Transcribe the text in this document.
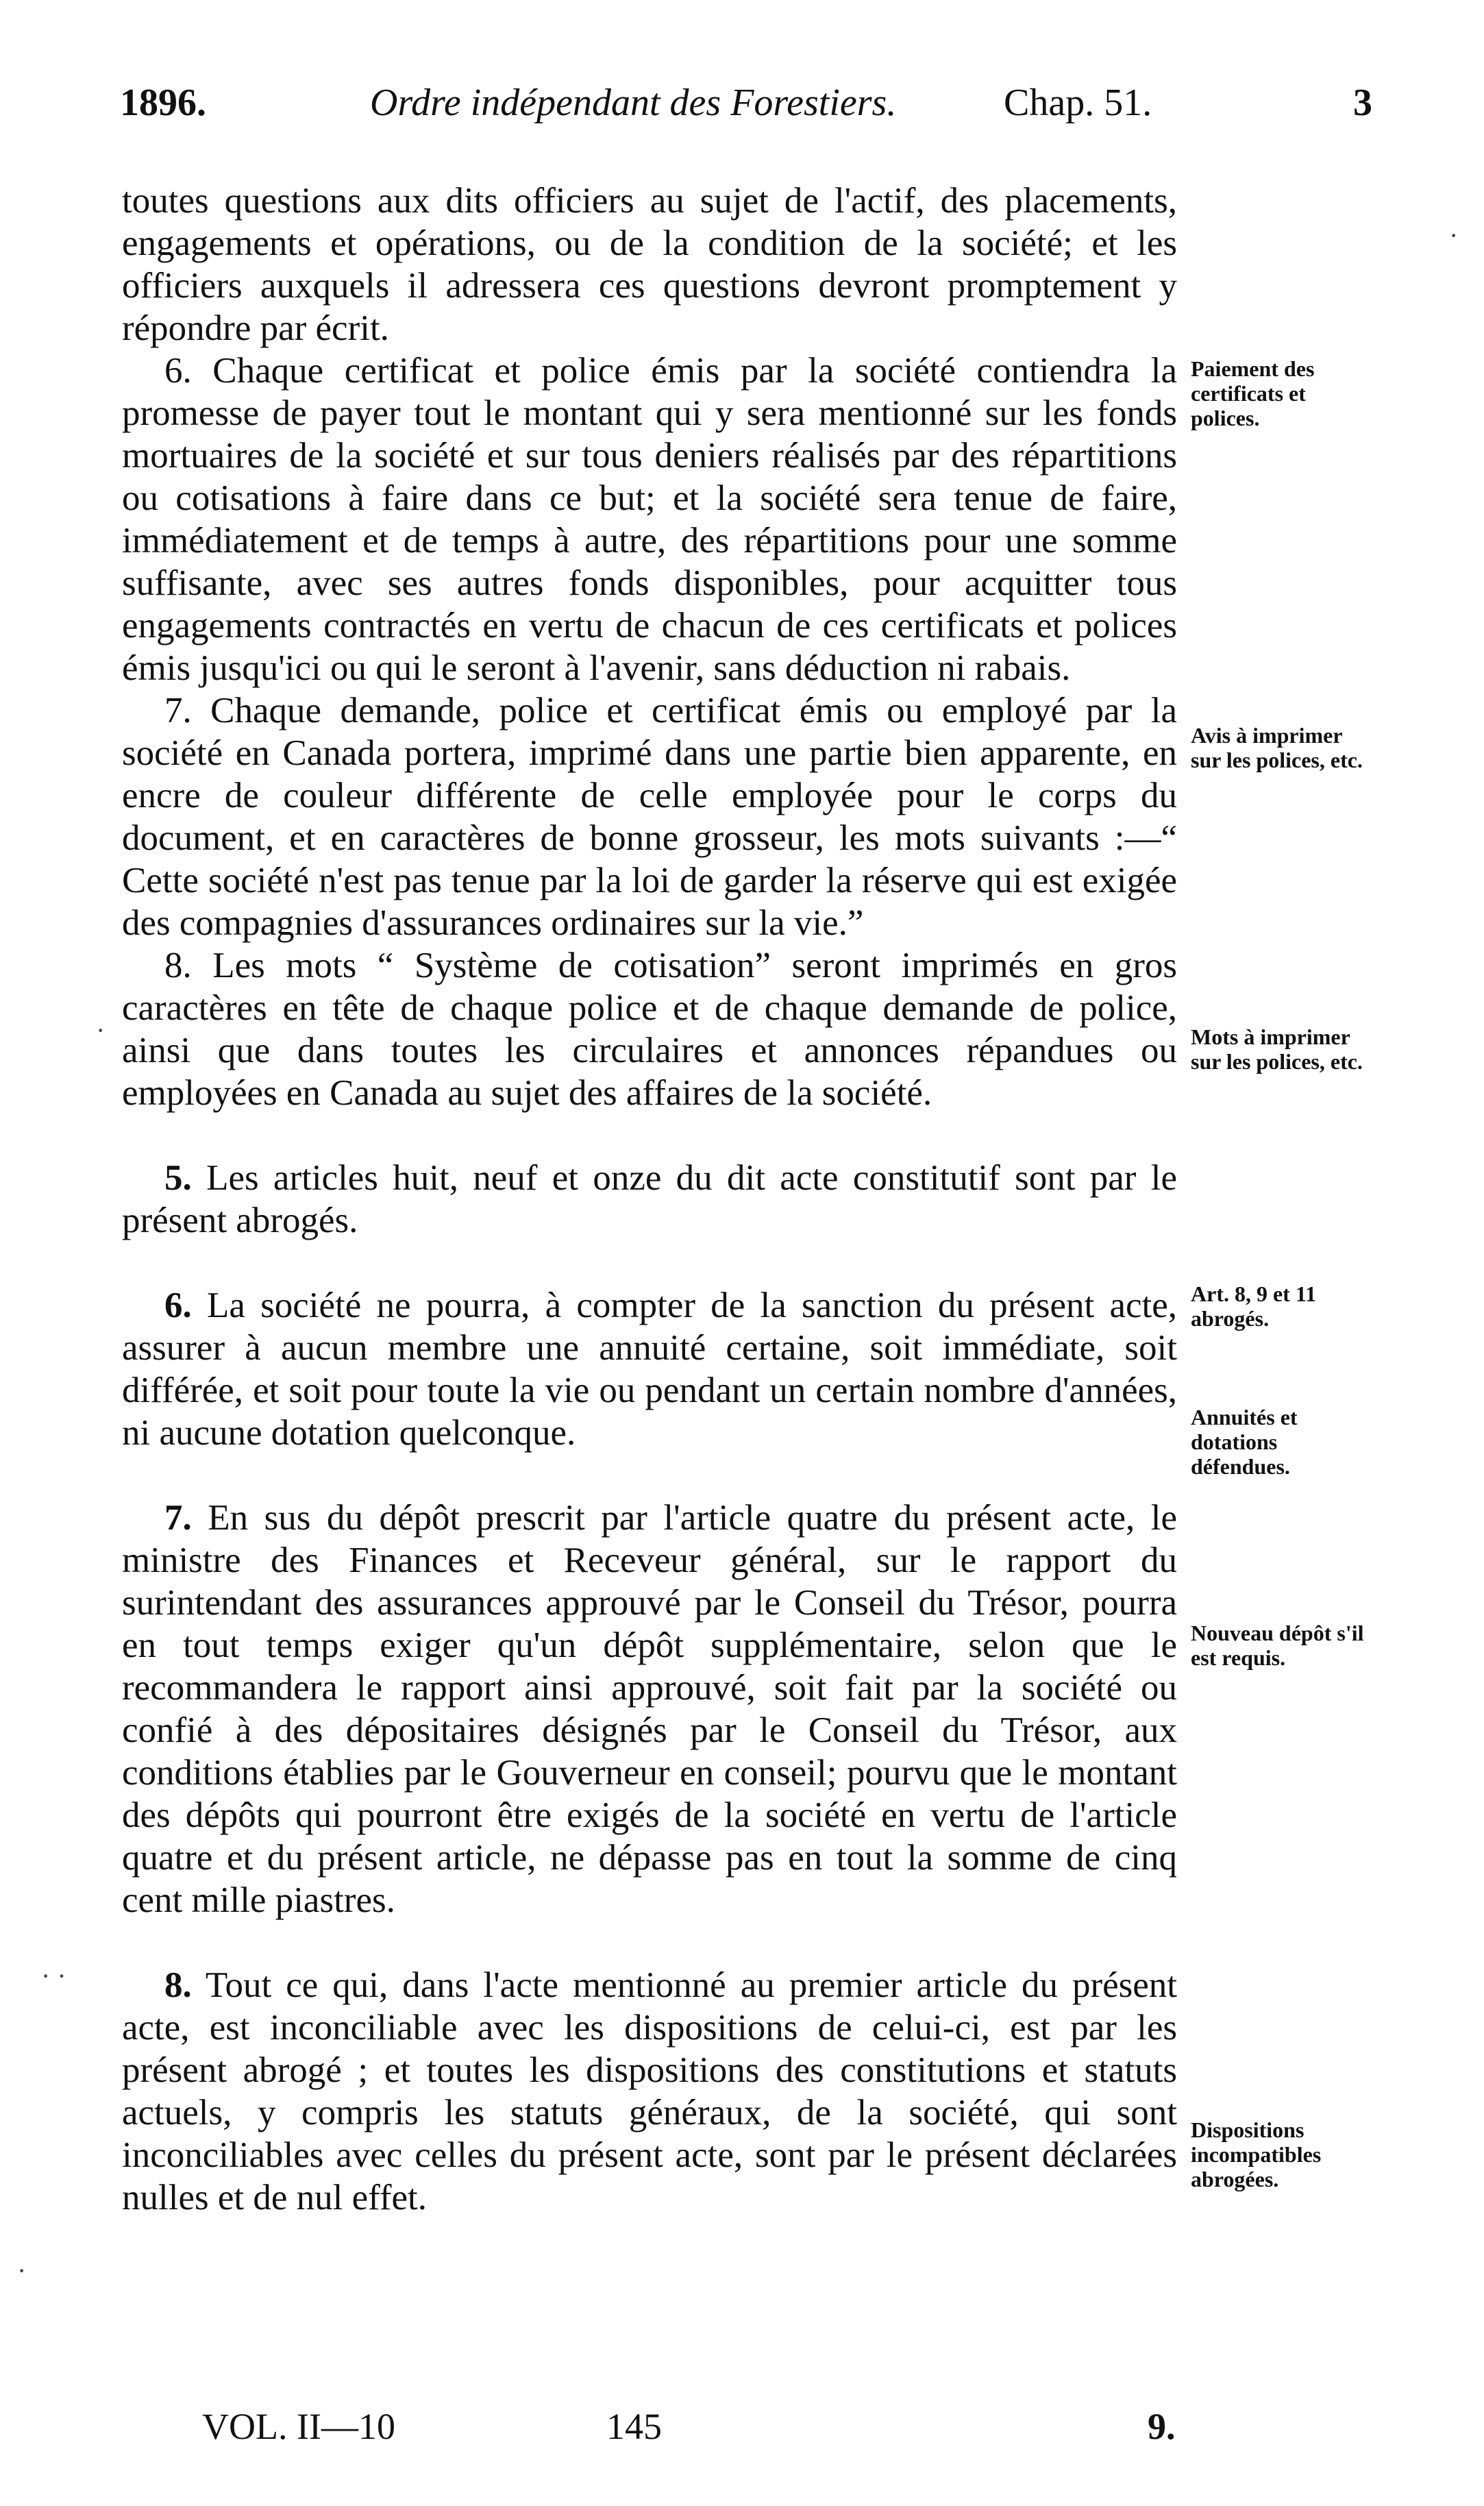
1896.	Ordre indépendant des Forestiers.	Chap. 51.	3

toutes questions aux dits officiers au sujet de l'actif, des placements, engagements et opérations, ou de la condition de la société; et les officiers auxquels il adressera ces questions devront promptement y répondre par écrit.

6. Chaque certificat et police émis par la société contiendra la promesse de payer tout le montant qui y sera mentionné sur les fonds mortuaires de la société et sur tous deniers réalisés par des répartitions ou cotisations à faire dans ce but; et la société sera tenue de faire, immédiatement et de temps à autre, des répartitions pour une somme suffisante, avec ses autres fonds disponibles, pour acquitter tous engagements contractés en vertu de chacun de ces certificats et polices émis jusqu'ici ou qui le seront à l'avenir, sans déduction ni rabais.

7. Chaque demande, police et certificat émis ou employé par la société en Canada portera, imprimé dans une partie bien apparente, en encre de couleur différente de celle employée pour le corps du document, et en caractères de bonne grosseur, les mots suivants :—“ Cette société n'est pas tenue par la loi de garder la réserve qui est exigée des compagnies d'assurances ordinaires sur la vie.”

8. Les mots “ Système de cotisation” seront imprimés en gros caractères en tête de chaque police et de chaque demande de police, ainsi que dans toutes les circulaires et annonces répandues ou employées en Canada au sujet des affaires de la société.

5. Les articles huit, neuf et onze du dit acte constitutif sont par le présent abrogés.

6. La société ne pourra, à compter de la sanction du présent acte, assurer à aucun membre une annuité certaine, soit immédiate, soit différée, et soit pour toute la vie ou pendant un certain nombre d'années, ni aucune dotation quelconque.

7. En sus du dépôt prescrit par l'article quatre du présent acte, le ministre des Finances et Receveur général, sur le rapport du surintendant des assurances approuvé par le Conseil du Trésor, pourra en tout temps exiger qu'un dépôt supplémentaire, selon que le recommandera le rapport ainsi approuvé, soit fait par la société ou confié à des dépositaires désignés par le Conseil du Trésor, aux conditions établies par le Gouverneur en conseil; pourvu que le montant des dépôts qui pourront être exigés de la société en vertu de l'article quatre et du présent article, ne dépasse pas en tout la somme de cinq cent mille piastres.

8. Tout ce qui, dans l'acte mentionné au premier article du présent acte, est inconciliable avec les dispositions de celui-ci, est par les présent abrogé ; et toutes les dispositions des constitutions et statuts actuels, y compris les statuts généraux, de la société, qui sont inconciliables avec celles du présent acte, sont par le présent déclarées nulles et de nul effet.

Paiement des certificats et polices.
Avis à imprimer sur les polices, etc.
Mots à imprimer sur les polices, etc.
Art. 8, 9 et 11 abrogés.
Annuités et dotations défendues.
Nouveau dépôt s'il est requis.
Dispositions incompatibles abrogées.
VOL. II—10	145	9.
·
·
· ·
·
